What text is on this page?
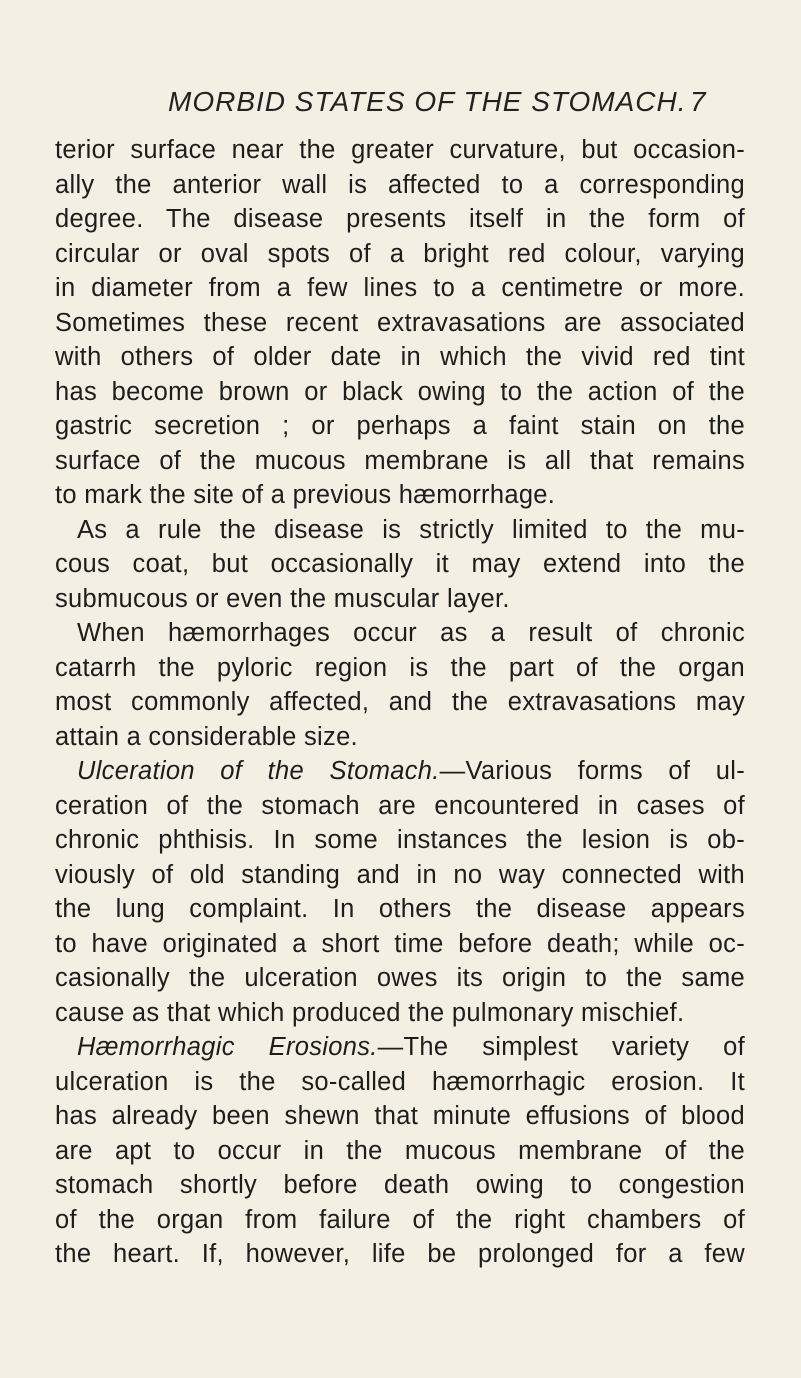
MORBID STATES OF THE STOMACH. 7
terior surface near the greater curvature, but occasion-
ally the anterior wall is affected to a corresponding
degree. The disease presents itself in the form of
circular or oval spots of a bright red colour, varying
in diameter from a few lines to a centimetre or more.
Sometimes these recent extravasations are associated
with others of older date in which the vivid red tint
has become brown or black owing to the action of the
gastric secretion ; or perhaps a faint stain on the
surface of the mucous membrane is all that remains
to mark the site of a previous hæmorrhage.
As a rule the disease is strictly limited to the mu-
cous coat, but occasionally it may extend into the
submucous or even the muscular layer.
When hæmorrhages occur as a result of chronic
catarrh the pyloric region is the part of the organ
most commonly affected, and the extravasations may
attain a considerable size.
Ulceration of the Stomach.—Various forms of ul-
ceration of the stomach are encountered in cases of
chronic phthisis. In some instances the lesion is ob-
viously of old standing and in no way connected with
the lung complaint. In others the disease appears
to have originated a short time before death; while oc-
casionally the ulceration owes its origin to the same
cause as that which produced the pulmonary mischief.
Hæmorrhagic Erosions.—The simplest variety of
ulceration is the so-called hæmorrhagic erosion. It
has already been shewn that minute effusions of blood
are apt to occur in the mucous membrane of the
stomach shortly before death owing to congestion
of the organ from failure of the right chambers of
the heart. If, however, life be prolonged for a few
